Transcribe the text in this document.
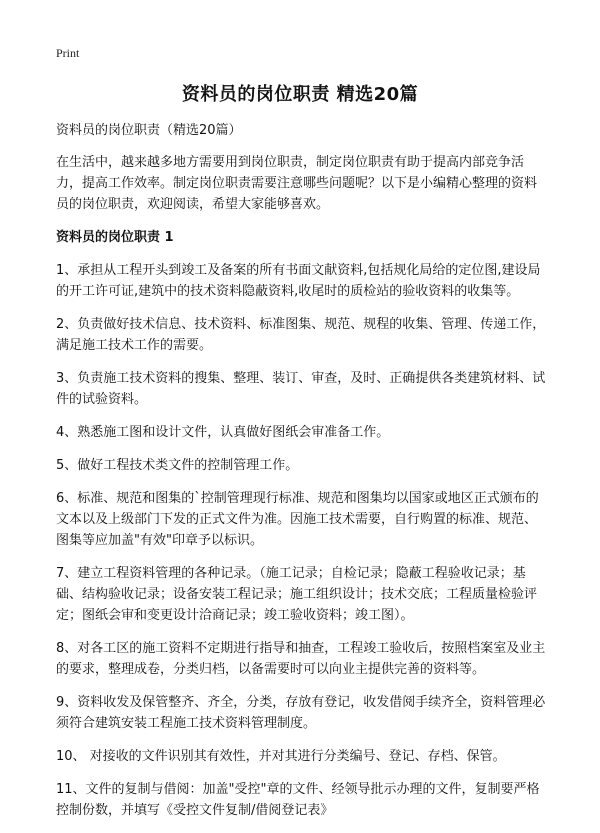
Print
资料员的岗位职责 精选20篇

资料员的岗位职责（精选20篇）

在生活中，越来越多地方需要用到岗位职责，制定岗位职责有助于提高内部竞争活力，提高工作效率。制定岗位职责需要注意哪些问题呢？以下是小编精心整理的资料员的岗位职责，欢迎阅读，希望大家能够喜欢。

资料员的岗位职责 1

1、承担从工程开头到竣工及备案的所有书面文献资料,包括规化局给的定位图,建设局的开工许可证,建筑中的技术资料隐蔽资料,收尾时的质检站的验收资料的收集等。

2、负责做好技术信息、技术资料、标准图集、规范、规程的收集、管理、传递工作，满足施工技术工作的需要。

3、负责施工技术资料的搜集、整理、装订、审查，及时、正确提供各类建筑材料、试件的试验资料。

4、熟悉施工图和设计文件，认真做好图纸会审准备工作。

5、做好工程技术类文件的控制管理工作。

6、标准、规范和图集的`控制管理现行标准、规范和图集均以国家或地区正式颁布的文本以及上级部门下发的正式文件为准。因施工技术需要，自行购置的标准、规范、图集等应加盖"有效"印章予以标识。

7、建立工程资料管理的各种记录。（施工记录；自检记录；隐蔽工程验收记录；基础、结构验收记录；设备安装工程记录；施工组织设计；技术交底；工程质量检验评定；图纸会审和变更设计洽商记录；竣工验收资料；竣工图）。

8、对各工区的施工资料不定期进行指导和抽查，工程竣工验收后，按照档案室及业主的要求，整理成卷，分类归档，以备需要时可以向业主提供完善的资料等。

9、资料收发及保管整齐、齐全，分类，存放有登记，收发借阅手续齐全，资料管理必须符合建筑安装工程施工技术资料管理制度。

10、 对接收的文件识别其有效性，并对其进行分类编号、登记、存档、保管。

11、文件的复制与借阅：加盖"受控"章的文件、经领导批示办理的文件，复制要严格控制份数，并填写《受控文件复制/借阅登记表》
